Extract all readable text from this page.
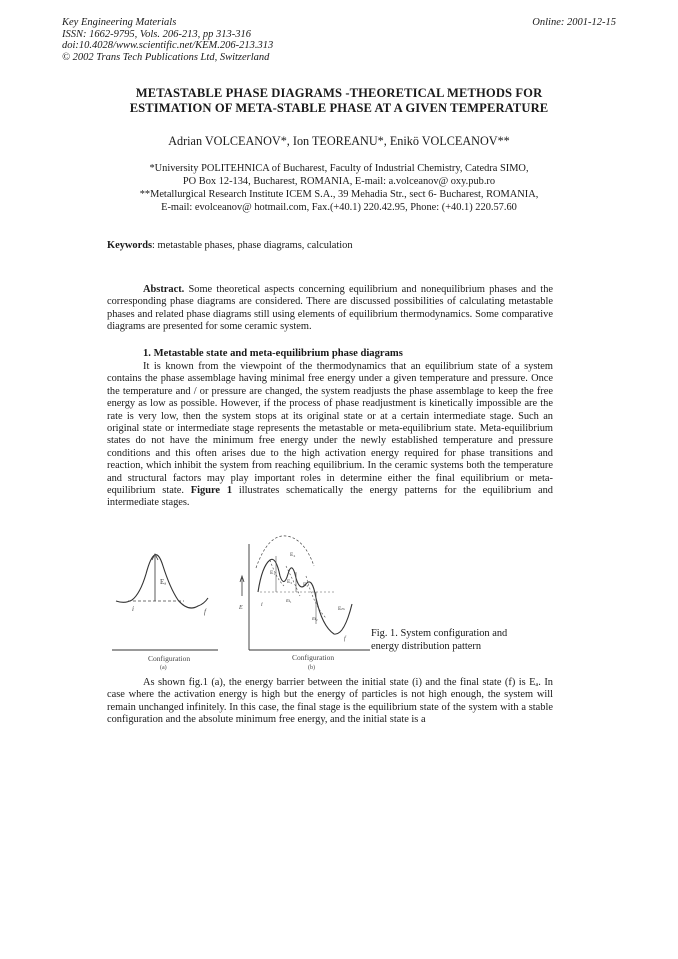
Key Engineering Materials
ISSN: 1662-9795, Vols. 206-213, pp 313-316
doi:10.4028/www.scientific.net/KEM.206-213.313
© 2002 Trans Tech Publications Ltd, Switzerland
Online: 2001-12-15
METASTABLE PHASE DIAGRAMS -THEORETICAL METHODS FOR
ESTIMATION OF META-STABLE PHASE AT A GIVEN TEMPERATURE
Adrian VOLCEANOV*, Ion TEOREANU*, Enikö VOLCEANOV**
*University POLITEHNICA of Bucharest, Faculty of Industrial Chemistry, Catedra SIMO,
PO Box 12-134, Bucharest, ROMANIA, E-mail: a.volceanov@ oxy.pub.ro
**Metallurgical Research Institute ICEM S.A., 39 Mehadia Str., sect 6- Bucharest, ROMANIA,
E-mail: evolceanov@ hotmail.com, Fax.(+40.1) 220.42.95, Phone: (+40.1) 220.57.60
Keywords: metastable phases, phase diagrams, calculation
Abstract. Some theoretical aspects concerning equilibrium and nonequilibrium phases and the corresponding phase diagrams are considered. There are discussed possibilities of calculating metastable phases and related phase diagrams still using elements of equilibrium thermodynamics. Some comparative diagrams are presented for some ceramic system.
1. Metastable state and meta-equilibrium phase diagrams
It is known from the viewpoint of the thermodynamics that an equilibrium state of a system contains the phase assemblage having minimal free energy under a given temperature and pressure. Once the temperature and / or pressure are changed, the system readjusts the phase assemblage to keep the free energy as low as possible. However, if the process of phase readjustment is kinetically impossible are the rate is very low, then the system stops at its original state or at a certain intermediate stage. Such an original state or intermediate stage represents the metastable or meta-equilibrium state. Meta-equilibrium states do not have the minimum free energy under the newly established temperature and pressure conditions and this often arises due to the high activation energy required for phase transitions and reaction, which inhibit the system from reaching equilibrium. In the ceramic systems both the temperature and structural factors may play important roles in determine either the final equilibrium or meta-equilibrium state. Figure 1 illustrates schematically the energy patterns for the equilibrium and intermediate stages.
Eₐ
i	f
Configuration
(a)
E
E₁
E₂ E₃
E₄
Eₘ
m₁
m₂
i
f
Configuration
(b)
Fig. 1. System configuration and
energy distribution pattern
As shown fig.1 (a), the energy barrier between the initial state (i) and the final state (f) is Eₐ. In case where the activation energy is high but the energy of particles is not high enough, the system will remain unchanged infinitely. In this case, the final stage is the equilibrium state of the system with a stable configuration and the absolute minimum free energy, and the initial state is a
